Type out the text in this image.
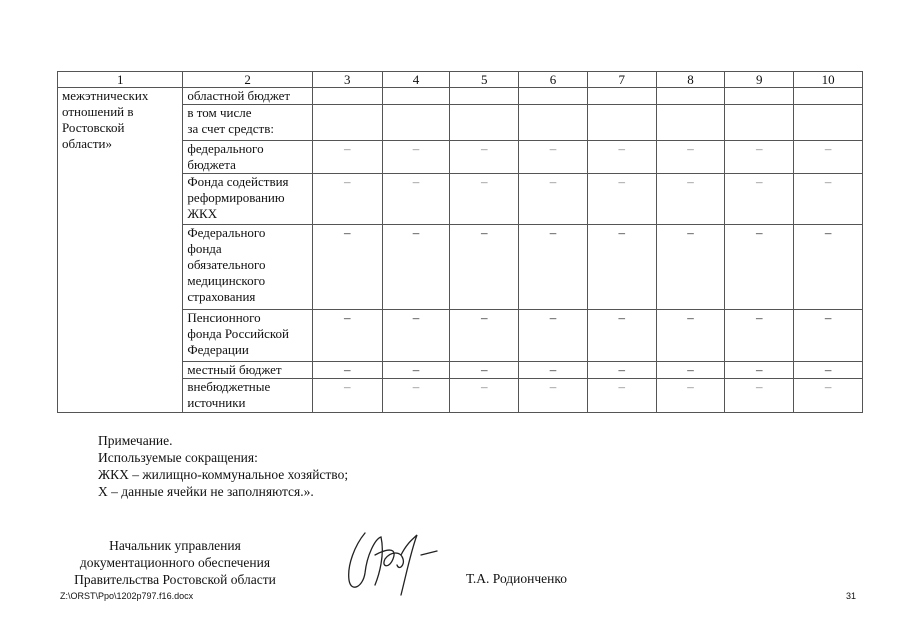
1	2	3	4	5	6	7	8	9	10

межэтнических
отношений в
Ростовской
области»	областной бюджет								

	в том числе
за счет средств:								

	федерального
бюджета	–	–	–	–	–	–	–	–

	Фонда содействия
реформированию
ЖКХ	–	–	–	–	–	–	–	–

	Федерального
фонда
обязательного
медицинского
страхования	–	–	–	–	–	–	–	–

	Пенсионного
фонда Российской
Федерации	–	–	–	–	–	–	–	–

	местный бюджет	–	–	–	–	–	–	–	–

	внебюджетные
источники	–	–	–	–	–	–	–	–
Примечание.
Используемые сокращения:
ЖКХ – жилищно-коммунальное хозяйство;
Х – данные ячейки не заполняются.».
Начальник управления
документационного обеспечения
Правительства Ростовской области	Т.А. Родионченко
Z:\ORST\Ppo\1202p797.f16.docx	31
